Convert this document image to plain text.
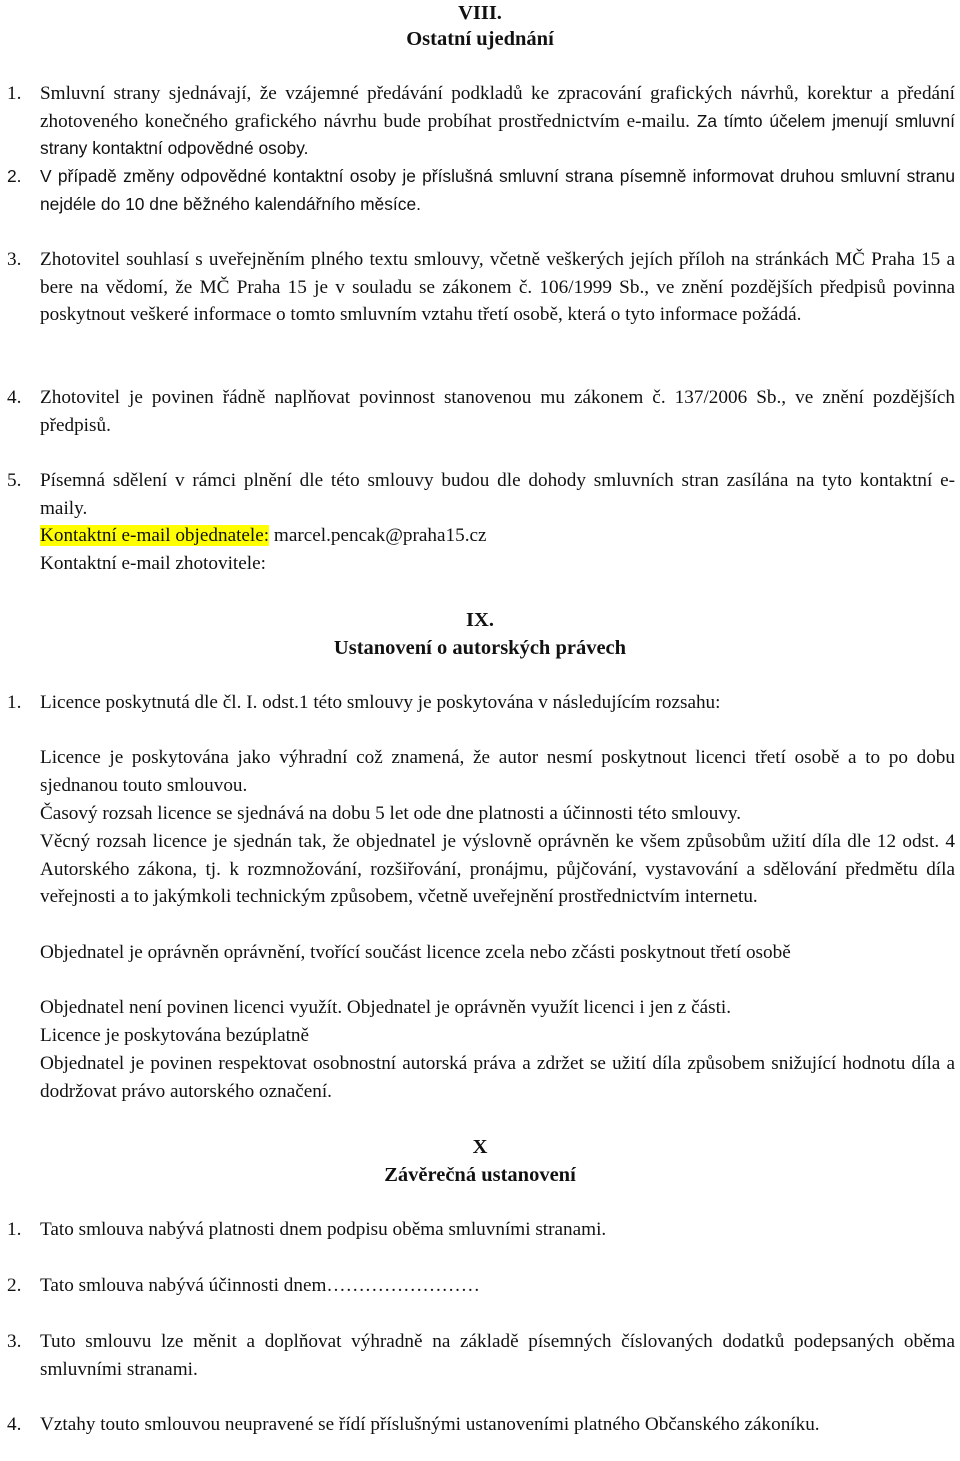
VIII.
Ostatní ujednání
1. Smluvní strany sjednávají, že vzájemné předávání podkladů ke zpracování grafických návrhů, korektur a předání zhotoveného konečného grafického návrhu bude probíhat prostřednictvím e-mailu. Za tímto účelem jmenují smluvní strany kontaktní odpovědné osoby.
2. V případě změny odpovědné kontaktní osoby je příslušná smluvní strana písemně informovat druhou smluvní stranu nejdéle do 10 dne běžného kalendářního měsíce.
3. Zhotovitel souhlasí s uveřejněním plného textu smlouvy, včetně veškerých jejích příloh na stránkách MČ Praha 15 a bere na vědomí, že MČ Praha 15 je v souladu se zákonem č. 106/1999 Sb., ve znění pozdějších předpisů povinna poskytnout veškeré informace o tomto smluvním vztahu třetí osobě, která o tyto informace požádá.
4. Zhotovitel je povinen řádně naplňovat povinnost stanovenou mu zákonem č. 137/2006 Sb., ve znění pozdějších předpisů.
5. Písemná sdělení v rámci plnění dle této smlouvy budou dle dohody smluvních stran zasílána na tyto kontaktní e- maily.
Kontaktní e-mail objednatele: marcel.pencak@praha15.cz
Kontaktní e-mail zhotovitele:
IX.
Ustanovení o autorských právech
1. Licence poskytnutá dle čl. I. odst.1 této smlouvy je poskytována v následujícím rozsahu:
Licence je poskytována jako výhradní což znamená, že autor nesmí poskytnout licenci třetí osobě a to po dobu sjednanou touto smlouvou.
Časový rozsah licence se sjednává na dobu 5 let ode dne platnosti a účinnosti této smlouvy.
Věcný rozsah licence je sjednán tak, že objednatel je výslovně oprávněn ke všem způsobům užití díla dle 12 odst. 4 Autorského zákona, tj. k rozmnožování, rozšiřování, pronájmu, půjčování, vystavování a sdělování předmětu díla veřejnosti a to jakýmkoli technickým způsobem, včetně uveřejnění prostřednictvím internetu.
Objednatel je oprávněn oprávnění, tvořící součást licence zcela nebo zčásti poskytnout třetí osobě
Objednatel není povinen licenci využít. Objednatel je oprávněn využít licenci i jen z části.
Licence je poskytována bezúplatně
Objednatel je povinen respektovat osobnostní autorská práva a zdržet se užití díla způsobem snižující hodnotu díla a dodržovat právo autorského označení.
X
Závěrečná ustanovení
1. Tato smlouva nabývá platnosti dnem podpisu oběma smluvními stranami.
2. Tato smlouva nabývá účinnosti dnem……………………
3. Tuto smlouvu lze měnit a doplňovat výhradně na základě písemných číslovaných dodatků podepsaných oběma smluvními stranami.
4. Vztahy touto smlouvou neupravené se řídí příslušnými ustanoveními platného Občanského zákoníku.
